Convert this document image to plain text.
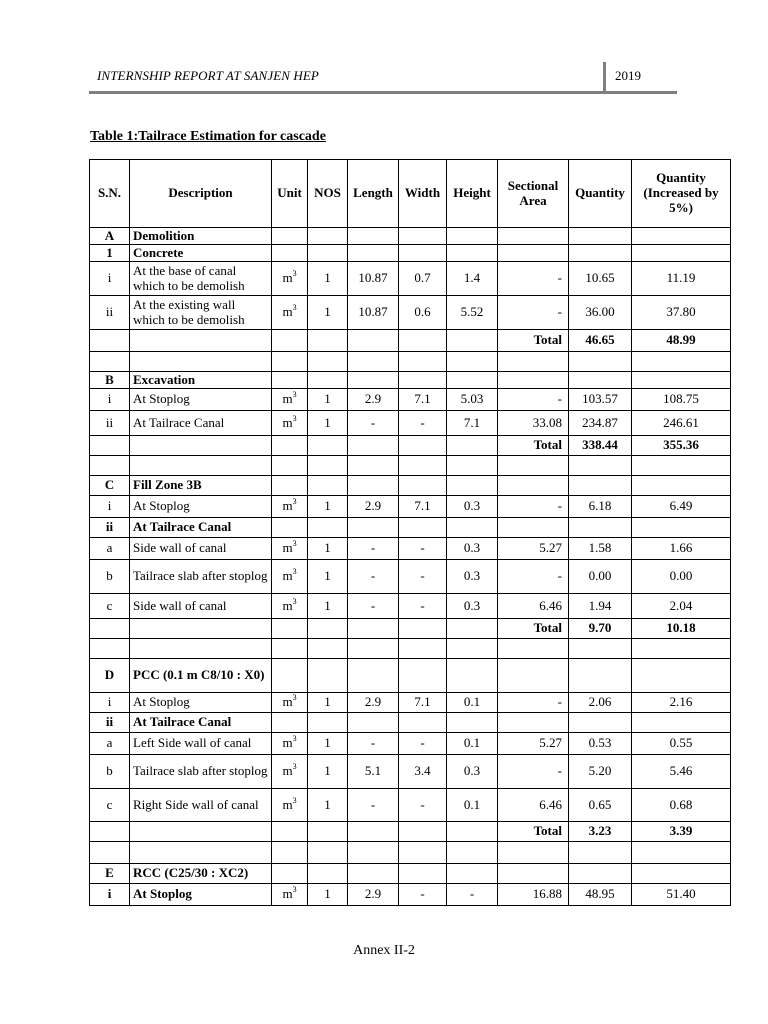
INTERNSHIP REPORT AT SANJEN HEP	2019
Table 1:Tailrace Estimation for cascade
S.N.	Description	Unit	NOS	Length	Width	Height	Sectional Area	Quantity	Quantity (Increased by 5%)
A	Demolition								
1	Concrete								
i	At the base of canal which to be demolish	$m^3$	1	10.87	0.7	1.4	-	10.65	11.19
ii	At the existing wall which to be demolish	$m^3$	1	10.87	0.6	5.52	-	36.00	37.80
							Total	46.65	48.99

B	Excavation								
i	At Stoplog	$m^3$	1	2.9	7.1	5.03	-	103.57	108.75
ii	At Tailrace Canal	$m^3$	1	-	-	7.1	33.08	234.87	246.61
							Total	338.44	355.36

C	Fill Zone 3B								
i	At Stoplog	$m^3$	1	2.9	7.1	0.3	-	6.18	6.49
ii	At Tailrace Canal								
a	Side wall of canal	$m^3$	1	-	-	0.3	5.27	1.58	1.66
b	Tailrace slab after stoplog	$m^3$	1	-	-	0.3	-	0.00	0.00
c	Side wall of canal	$m^3$	1	-	-	0.3	6.46	1.94	2.04
							Total	9.70	10.18

D	PCC (0.1 m C8/10 : X0)								
i	At Stoplog	$m^3$	1	2.9	7.1	0.1	-	2.06	2.16
ii	At Tailrace Canal								
a	Left Side wall of canal	$m^3$	1	-	-	0.1	5.27	0.53	0.55
b	Tailrace slab after stoplog	$m^3$	1	5.1	3.4	0.3	-	5.20	5.46
c	Right Side wall of canal	$m^3$	1	-	-	0.1	6.46	0.65	0.68
							Total	3.23	3.39

E	RCC (C25/30 : XC2)								
i	At Stoplog	$m^3$	1	2.9	-	-	16.88	48.95	51.40
Annex II-2
